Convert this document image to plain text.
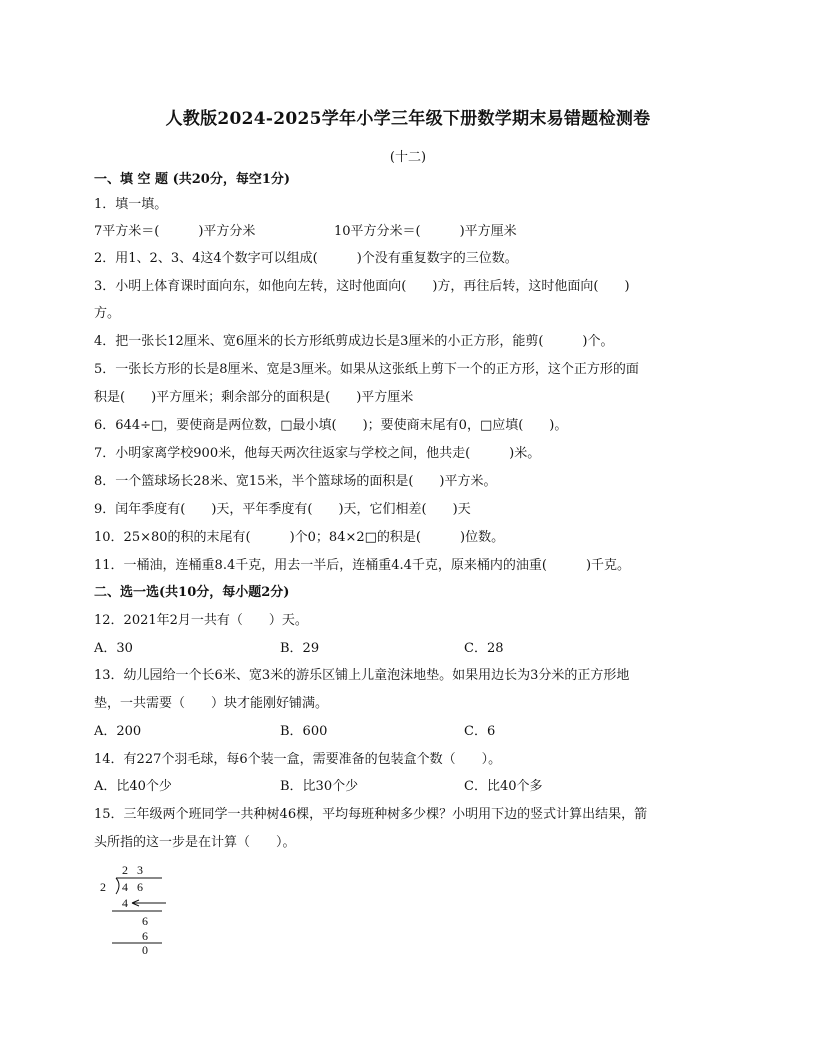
人教版2024-2025学年小学三年级下册数学期末易错题检测卷
(十二)
一、填 空 题 (共20分，每空1分)
1．填一填。
7平方米＝(　　　)平方分米	10平方分米＝(　　　)平方厘米
2．用1、2、3、4这4个数字可以组成(　　　)个没有重复数字的三位数。
3．小明上体育课时面向东，如他向左转，这时他面向(　　)方，再往后转，这时他面向(　　)
方。
4．把一张长12厘米、宽6厘米的长方形纸剪成边长是3厘米的小正方形，能剪(　　　)个。
5．一张长方形的长是8厘米、宽是3厘米。如果从这张纸上剪下一个的正方形，这个正方形的面
积是(　　)平方厘米；剩余部分的面积是(　　)平方厘米
6．644÷□，要使商是两位数，□最小填(　　)；要使商末尾有0，□应填(　　)。
7．小明家离学校900米，他每天两次往返家与学校之间，他共走(　　　)米。
8．一个篮球场长28米、宽15米，半个篮球场的面积是(　　)平方米。
9．闰年季度有(　　)天，平年季度有(　　)天，它们相差(　　)天
10．25×80的积的末尾有(　　　)个0；84×2□的积是(　　　)位数。
11．一桶油，连桶重8.4千克，用去一半后，连桶重4.4千克，原来桶内的油重(　　　)千克。
二、选一选(共10分，每小题2分)
12．2021年2月一共有（　　）天。
A．30	B．29	C．28
13．幼儿园给一个长6米、宽3米的游乐区铺上儿童泡沫地垫。如果用边长为3分米的正方形地
垫，一共需要（　　）块才能刚好铺满。
A．200	B．600	C．6
14．有227个羽毛球，每6个装一盒，需要准备的包装盒个数（　　）。
A．比40个少	B．比30个少	C．比40个多
15．三年级两个班同学一共种树46棵，平均每班种树多少棵？小明用下边的竖式计算出结果，箭
头所指的这一步是在计算（　　）。
2 3
2 4 6
4
6
6
0
